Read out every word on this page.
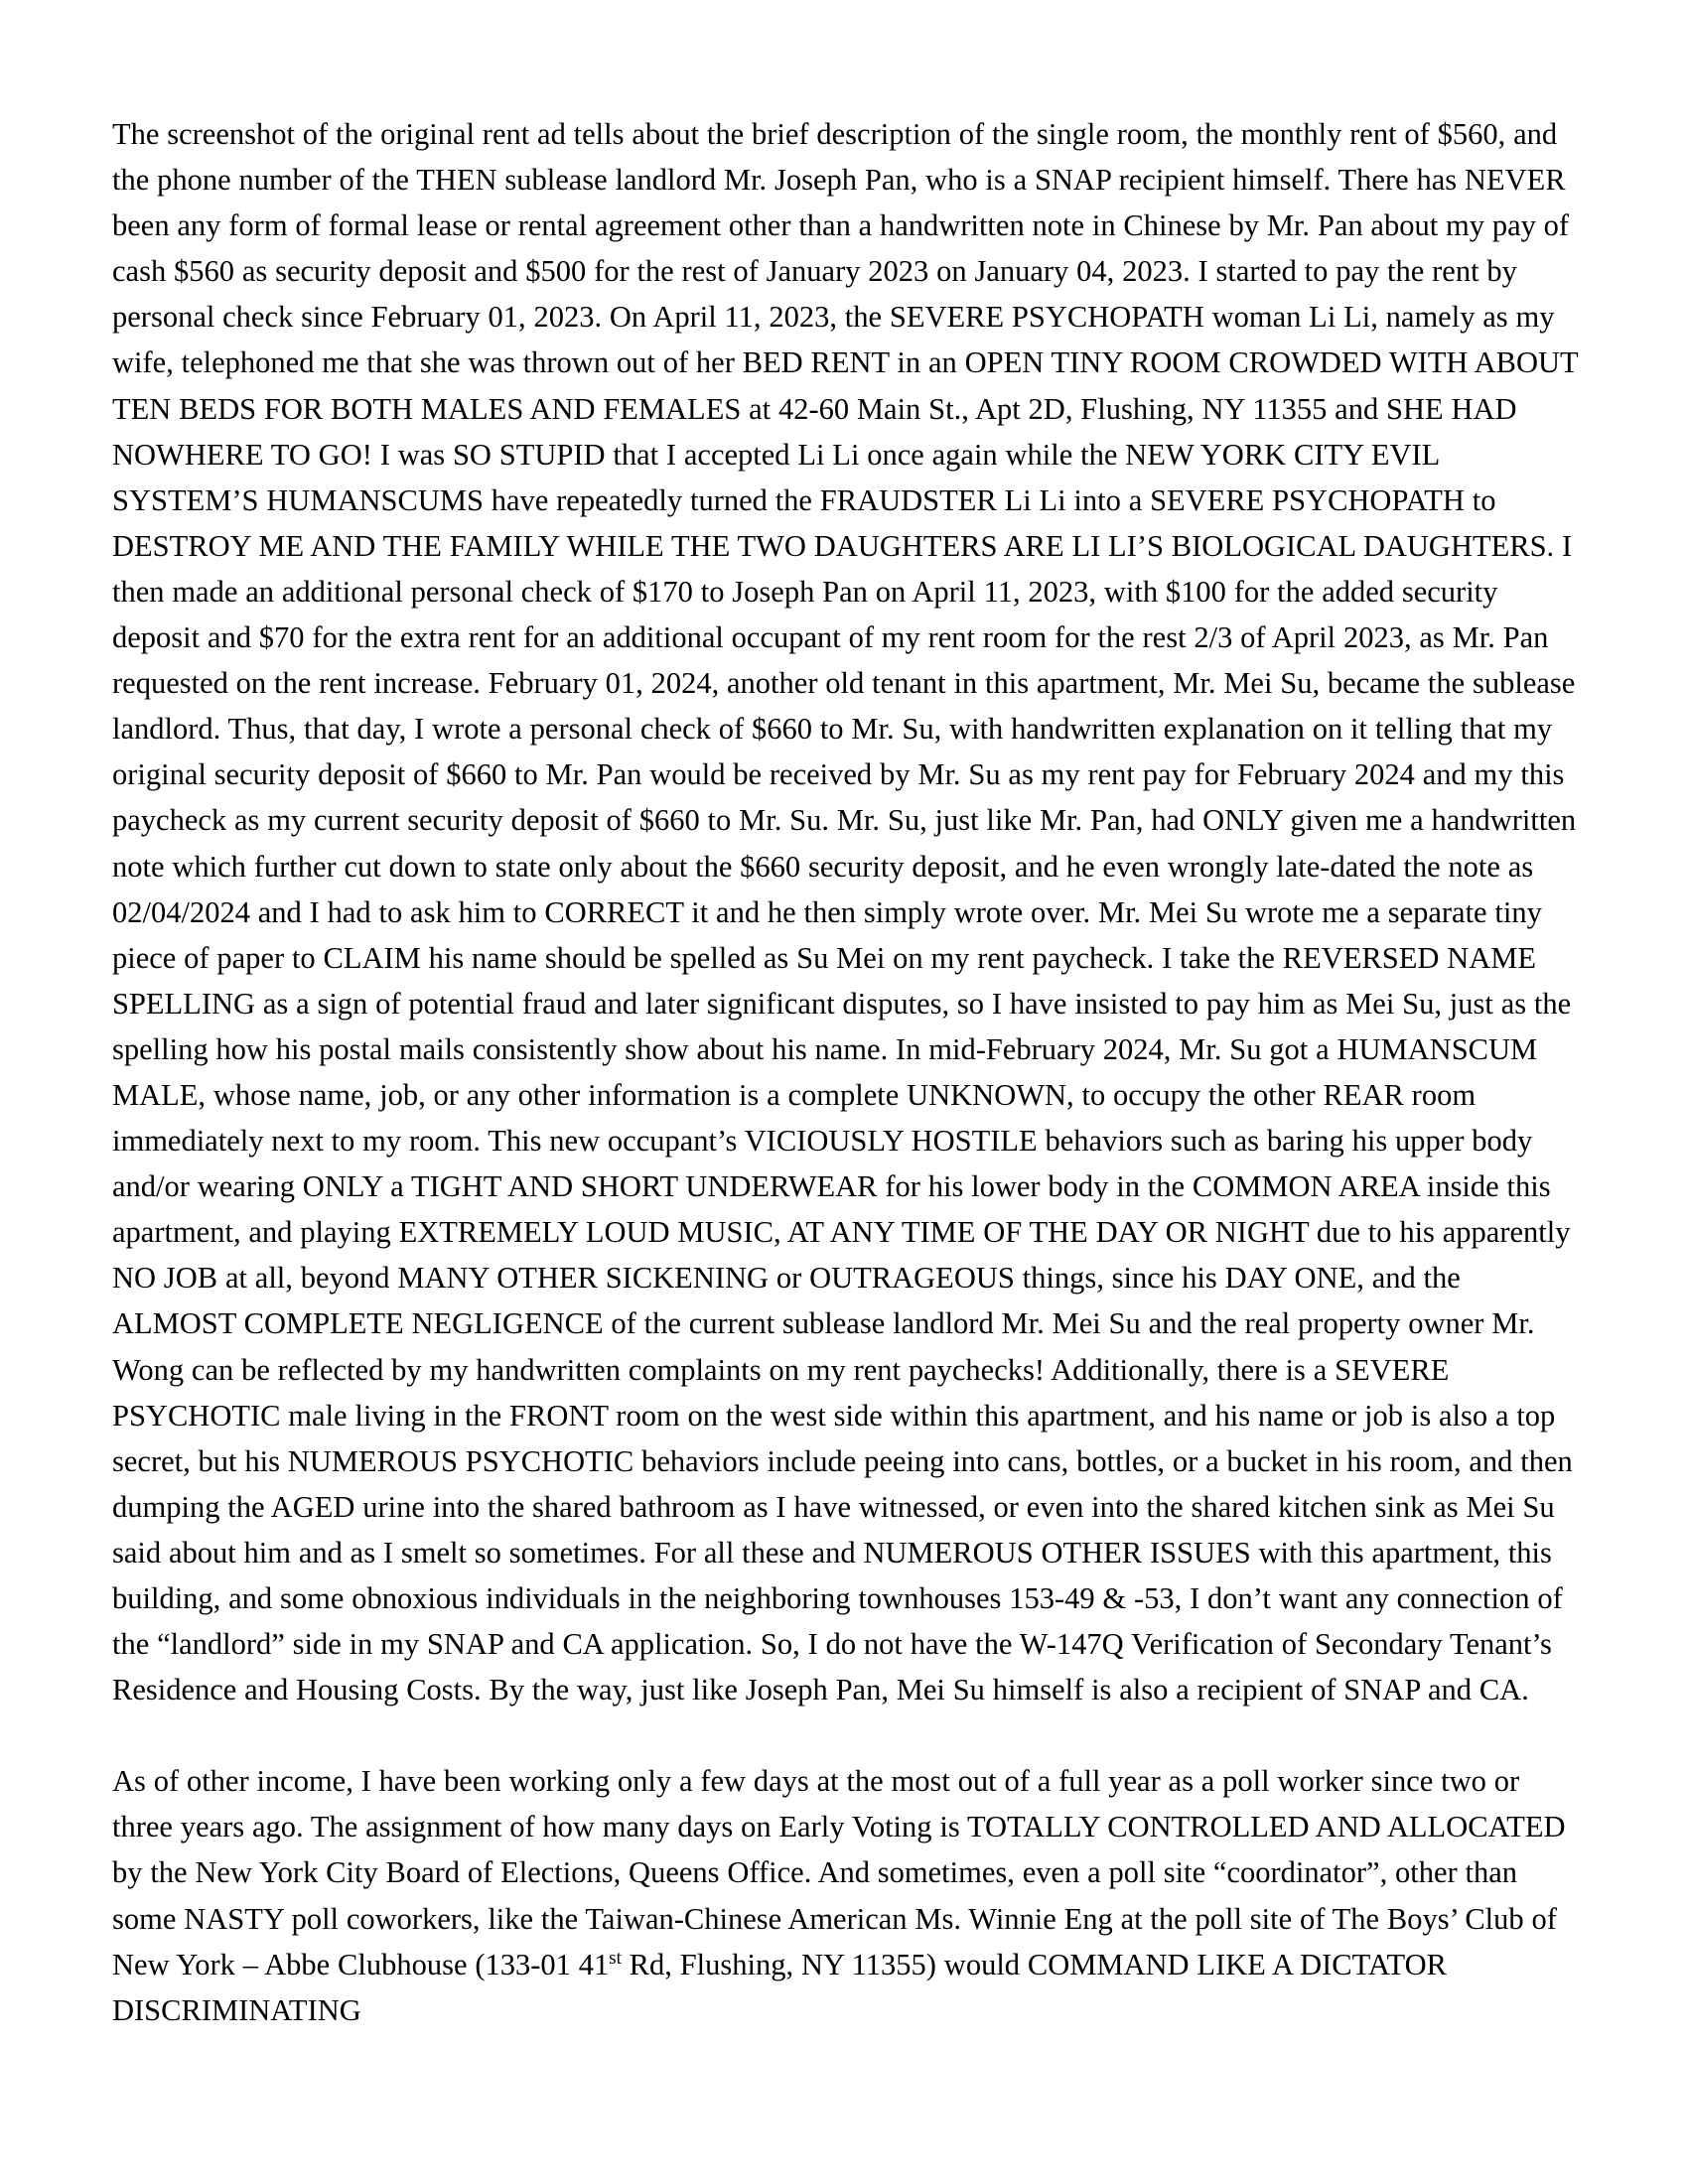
The screenshot of the original rent ad tells about the brief description of the single room, the monthly rent of $560, and the phone number of the THEN sublease landlord Mr. Joseph Pan, who is a SNAP recipient himself. There has NEVER been any form of formal lease or rental agreement other than a handwritten note in Chinese by Mr. Pan about my pay of cash $560 as security deposit and $500 for the rest of January 2023 on January 04, 2023. I started to pay the rent by personal check since February 01, 2023. On April 11, 2023, the SEVERE PSYCHOPATH woman Li Li, namely as my wife, telephoned me that she was thrown out of her BED RENT in an OPEN TINY ROOM CROWDED WITH ABOUT TEN BEDS FOR BOTH MALES AND FEMALES at 42-60 Main St., Apt 2D, Flushing, NY 11355 and SHE HAD NOWHERE TO GO! I was SO STUPID that I accepted Li Li once again while the NEW YORK CITY EVIL SYSTEM’S HUMANSCUMS have repeatedly turned the FRAUDSTER Li Li into a SEVERE PSYCHOPATH to DESTROY ME AND THE FAMILY WHILE THE TWO DAUGHTERS ARE LI LI’S BIOLOGICAL DAUGHTERS. I then made an additional personal check of $170 to Joseph Pan on April 11, 2023, with $100 for the added security deposit and $70 for the extra rent for an additional occupant of my rent room for the rest 2/3 of April 2023, as Mr. Pan requested on the rent increase. February 01, 2024, another old tenant in this apartment, Mr. Mei Su, became the sublease landlord. Thus, that day, I wrote a personal check of $660 to Mr. Su, with handwritten explanation on it telling that my original security deposit of $660 to Mr. Pan would be received by Mr. Su as my rent pay for February 2024 and my this paycheck as my current security deposit of $660 to Mr. Su. Mr. Su, just like Mr. Pan, had ONLY given me a handwritten note which further cut down to state only about the $660 security deposit, and he even wrongly late-dated the note as 02/04/2024 and I had to ask him to CORRECT it and he then simply wrote over. Mr. Mei Su wrote me a separate tiny piece of paper to CLAIM his name should be spelled as Su Mei on my rent paycheck. I take the REVERSED NAME SPELLING as a sign of potential fraud and later significant disputes, so I have insisted to pay him as Mei Su, just as the spelling how his postal mails consistently show about his name. In mid-February 2024, Mr. Su got a HUMANSCUM MALE, whose name, job, or any other information is a complete UNKNOWN, to occupy the other REAR room immediately next to my room. This new occupant’s VICIOUSLY HOSTILE behaviors such as baring his upper body and/or wearing ONLY a TIGHT AND SHORT UNDERWEAR for his lower body in the COMMON AREA inside this apartment, and playing EXTREMELY LOUD MUSIC, AT ANY TIME OF THE DAY OR NIGHT due to his apparently NO JOB at all, beyond MANY OTHER SICKENING or OUTRAGEOUS things, since his DAY ONE, and the ALMOST COMPLETE NEGLIGENCE of the current sublease landlord Mr. Mei Su and the real property owner Mr. Wong can be reflected by my handwritten complaints on my rent paychecks! Additionally, there is a SEVERE PSYCHOTIC male living in the FRONT room on the west side within this apartment, and his name or job is also a top secret, but his NUMEROUS PSYCHOTIC behaviors include peeing into cans, bottles, or a bucket in his room, and then dumping the AGED urine into the shared bathroom as I have witnessed, or even into the shared kitchen sink as Mei Su said about him and as I smelt so sometimes. For all these and NUMEROUS OTHER ISSUES with this apartment, this building, and some obnoxious individuals in the neighboring townhouses 153-49 & -53, I don’t want any connection of the “landlord” side in my SNAP and CA application. So, I do not have the W-147Q Verification of Secondary Tenant’s Residence and Housing Costs. By the way, just like Joseph Pan, Mei Su himself is also a recipient of SNAP and CA.

As of other income, I have been working only a few days at the most out of a full year as a poll worker since two or three years ago. The assignment of how many days on Early Voting is TOTALLY CONTROLLED AND ALLOCATED by the New York City Board of Elections, Queens Office. And sometimes, even a poll site “coordinator”, other than some NASTY poll coworkers, like the Taiwan-Chinese American Ms. Winnie Eng at the poll site of The Boys’ Club of New York – Abbe Clubhouse (133-01 41st Rd, Flushing, NY 11355) would COMMAND LIKE A DICTATOR DISCRIMINATING
